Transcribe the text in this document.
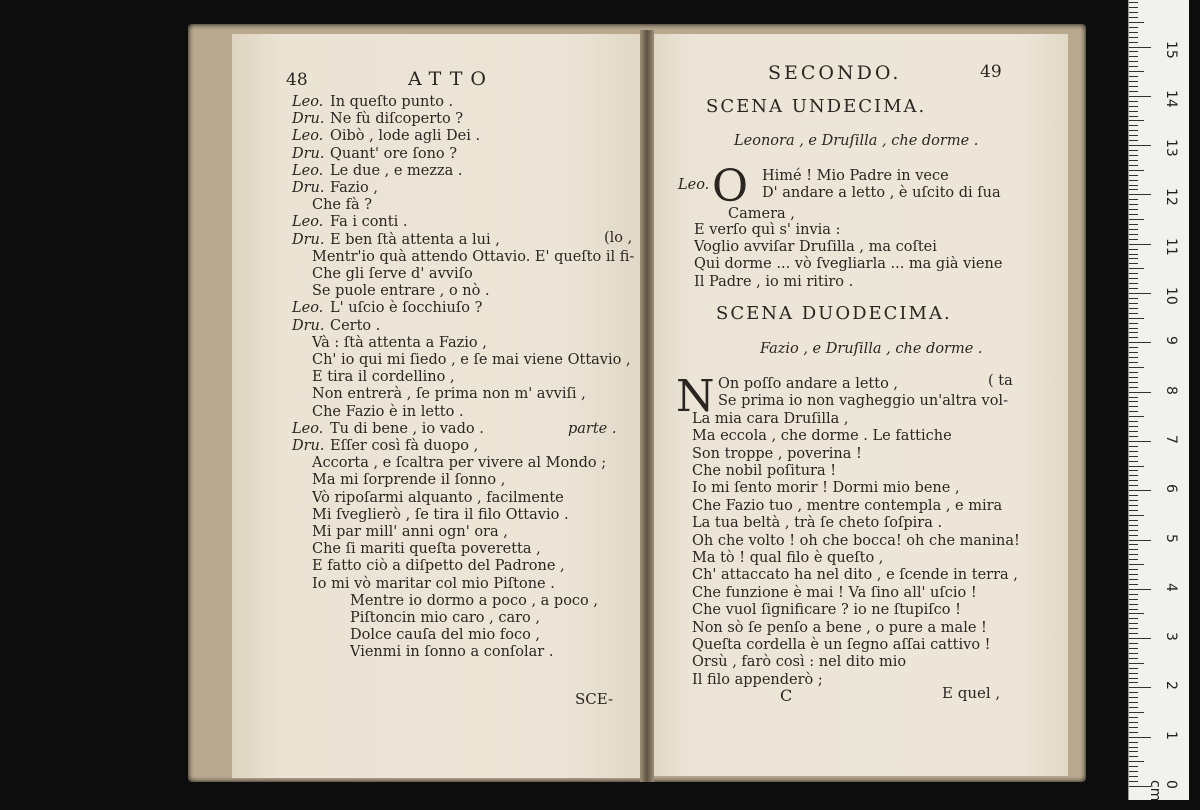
48	ATTO
Leo. In queſto punto .
Dru. Ne fù diſcoperto ?
Leo. Oibò , lode agli Dei .
Dru. Quant' ore ſono ?
Leo. Le due , e mezza .
Dru. Fazio ,
Che fà ?
Leo. Fa i conti .
Dru. E ben ſtà attenta a lui ,
Mentr'io quà attendo Ottavio. E' queſto il fi-
Che gli ſerve d' avviſo
Se puole entrare , o nò .
Leo. L' uſcio è ſocchiuſo ?
Dru. Certo .
Và : ſtà attenta a Fazio ,
Ch' io qui mi ſiedo , e ſe mai viene Ottavio ,
E tira il cordellino ,
Non entrerà , ſe prima non m' avviſi ,
Che Fazio è in letto .
Leo. Tu di bene , io vado .
Dru. Eſſer così fà duopo ,
Accorta , e ſcaltra per vivere al Mondo ;
Ma mi ſorprende il ſonno ,
Vò ripoſarmi alquanto , facilmente
Mi ſveglierò , ſe tira il filo Ottavio .
Mi par mill' anni ogn' ora ,
Che ſi mariti queſta poveretta ,
E fatto ciò a diſpetto del Padrone ,
Io mi vò maritar col mio Piſtone .
Mentre io dormo a poco , a poco ,
Piſtoncin mio caro , caro ,
Dolce cauſa del mio foco ,
Vienmi in ſonno a conſolar .
(lo ,
parte .
SCE-
SECONDO.	49
SCENA UNDECIMA.
Leonora , e Druſilla , che dorme .
Leo. O Himé ! Mio Padre in vece
D' andare a letto , è uſcito di ſua
Camera ,
E verſo quì s' invia :
Voglio avviſar Druſilla , ma coſtei
Qui dorme ... vò ſvegliarla ... ma già viene
Il Padre , io mi ritiro .
SCENA DUODECIMA.
Fazio , e Druſilla , che dorme .
N	( ta
On poſſo andare a letto ,
Se prima io non vagheggio un'altra vol-
La mia cara Druſilla ,
Ma eccola , che dorme . Le fattiche
Son troppe , poverina !
Che nobil poſitura !
Io mi ſento morir ! Dormi mio bene ,
Che Fazio tuo , mentre contempla , e mira
La tua beltà , trà ſe cheto ſoſpira .
Oh che volto ! oh che bocca! oh che manina!
Ma tò ! qual filo è queſto ,
Ch' attaccato ha nel dito , e ſcende in terra ,
Che funzione è mai ! Va ſino all' uſcio !
Che vuol ſignificare ? io ne ſtupiſco !
Non sò ſe penſo a bene , o pure a male !
Queſta cordella è un ſegno aſſai cattivo !
Orsù , farò così : nel dito mio
Il filo appenderò ;
C	E quel ,
15
14
13
12
11
10
9
8
7
6
5
4
3
2
1
0 cm
